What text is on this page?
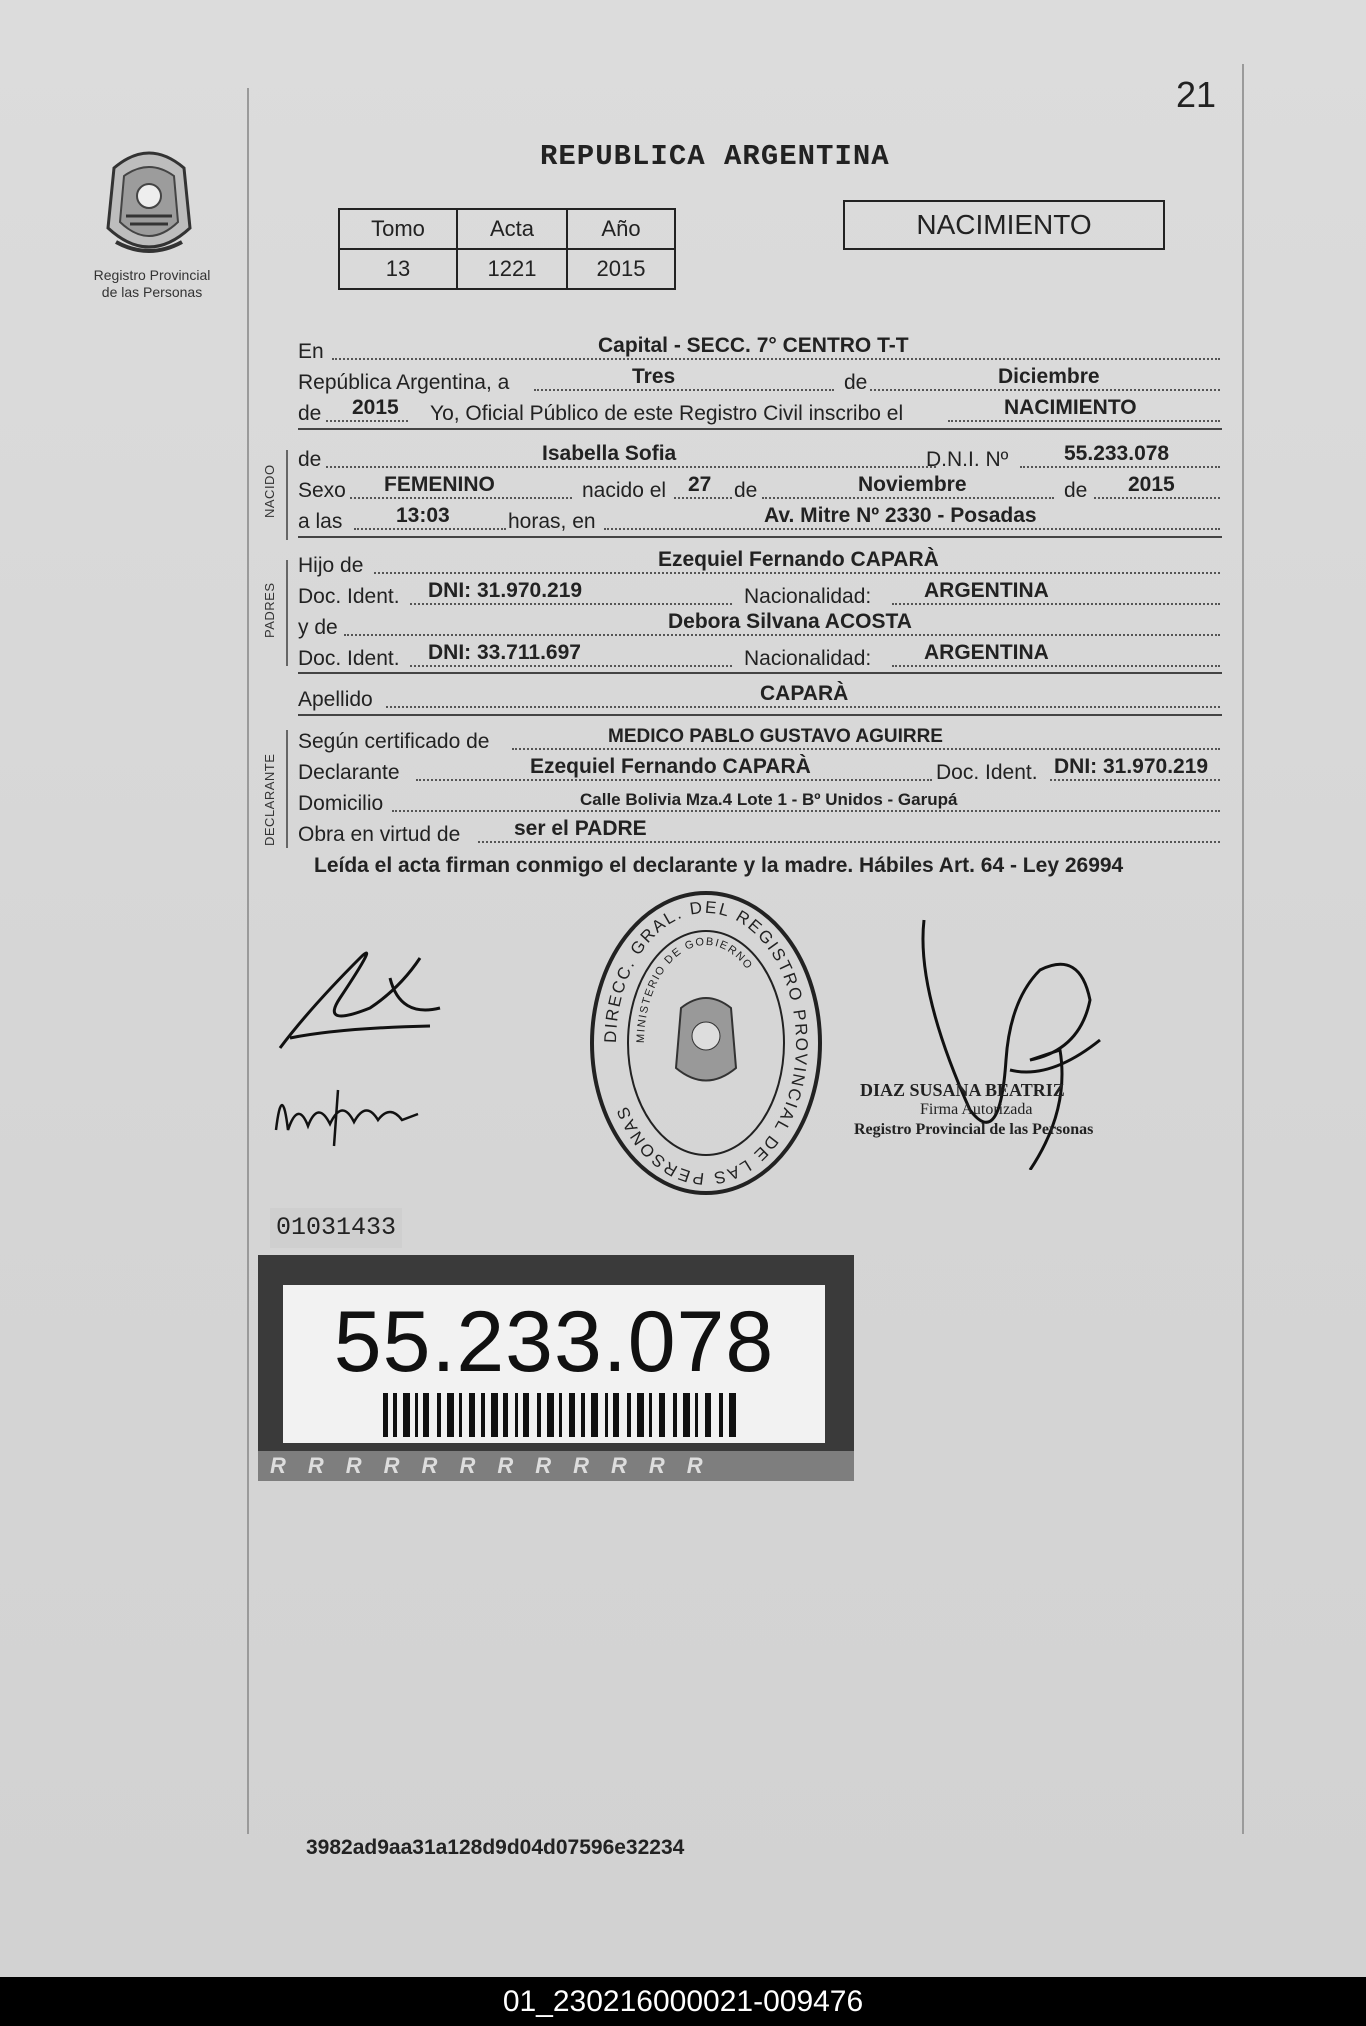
21
Registro Provincial
de las Personas
REPUBLICA ARGENTINA
Tomo	Acta	Año
13	1221	2015
NACIMIENTO
En	Capital - SECC. 7° CENTRO T-T
República Argentina, a	Tres	de	Diciembre
de 2015 Yo, Oficial Público de este Registro Civil inscribo el	NACIMIENTO
NACIDO
de	Isabella Sofia	D.N.I. Nº	55.233.078
Sexo FEMENINO	nacido el 27 de	Noviembre	de 2015
a las	13:03	horas, en	Av. Mitre Nº 2330 - Posadas
PADRES
Hijo de	Ezequiel Fernando CAPARÀ
Doc. Ident. DNI: 31.970.219	Nacionalidad:	ARGENTINA
y de	Debora Silvana ACOSTA
Doc. Ident. DNI: 33.711.697	Nacionalidad:	ARGENTINA
Apellido	CAPARÀ
DECLARANTE
Según certificado de	MEDICO PABLO GUSTAVO AGUIRRE
Declarante	Ezequiel Fernando CAPARÀ	Doc. Ident. DNI: 31.970.219
Domicilio	Calle Bolivia Mza.4 Lote 1 - Bº Unidos - Garupá
Obra en virtud de	ser el PADRE
Leída el acta firman conmigo el declarante y la madre. Hábiles Art. 64 - Ley 26994
DIRECC. GRAL. DEL REGISTRO PROVINCIAL DE LAS PERSONAS
MINISTERIO DE GOBIERNO
DIAZ SUSANA BEATRIZ
Firma Autorizada
Registro Provincial de las Personas
01031433
55.233.078
RRRRRRRRRRRR
3982ad9aa31a128d9d04d07596e32234
01_230216000021-009476
